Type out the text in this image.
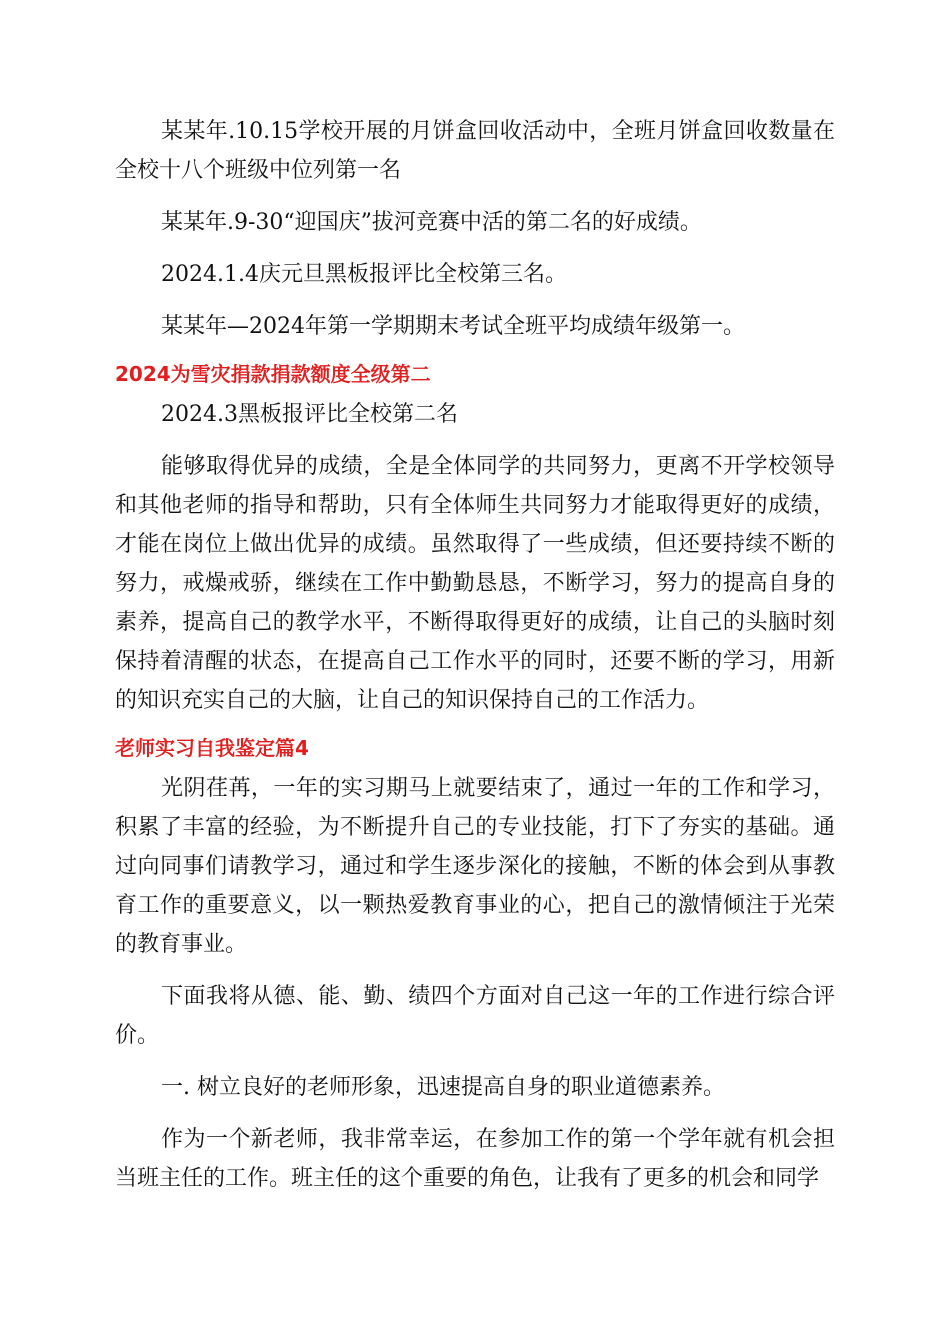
某某年.10.15学校开展的月饼盒回收活动中，全班月饼盒回收数量在全校十八个班级中位列第一名

某某年.9-30“迎国庆”拔河竞赛中活的第二名的好成绩。

2024.1.4庆元旦黑板报评比全校第三名。

某某年—2024年第一学期期末考试全班平均成绩年级第一。

2024为雪灾捐款捐款额度全级第二

2024.3黑板报评比全校第二名

能够取得优异的成绩，全是全体同学的共同努力，更离不开学校领导和其他老师的指导和帮助，只有全体师生共同努力才能取得更好的成绩，才能在岗位上做出优异的成绩。虽然取得了一些成绩，但还要持续不断的努力，戒燥戒骄，继续在工作中勤勤恳恳，不断学习，努力的提高自身的素养，提高自己的教学水平，不断得取得更好的成绩，让自己的头脑时刻保持着清醒的状态，在提高自己工作水平的同时，还要不断的学习，用新的知识充实自己的大脑，让自己的知识保持自己的工作活力。

老师实习自我鉴定篇4

光阴荏苒，一年的实习期马上就要结束了，通过一年的工作和学习，积累了丰富的经验，为不断提升自己的专业技能，打下了夯实的基础。通过向同事们请教学习，通过和学生逐步深化的接触，不断的体会到从事教育工作的重要意义，以一颗热爱教育事业的心，把自己的激情倾注于光荣的教育事业。

下面我将从德、能、勤、绩四个方面对自己这一年的工作进行综合评价。

一. 树立良好的老师形象，迅速提高自身的职业道德素养。

作为一个新老师，我非常幸运，在参加工作的第一个学年就有机会担当班主任的工作。班主任的这个重要的角色，让我有了更多的机会和同学
